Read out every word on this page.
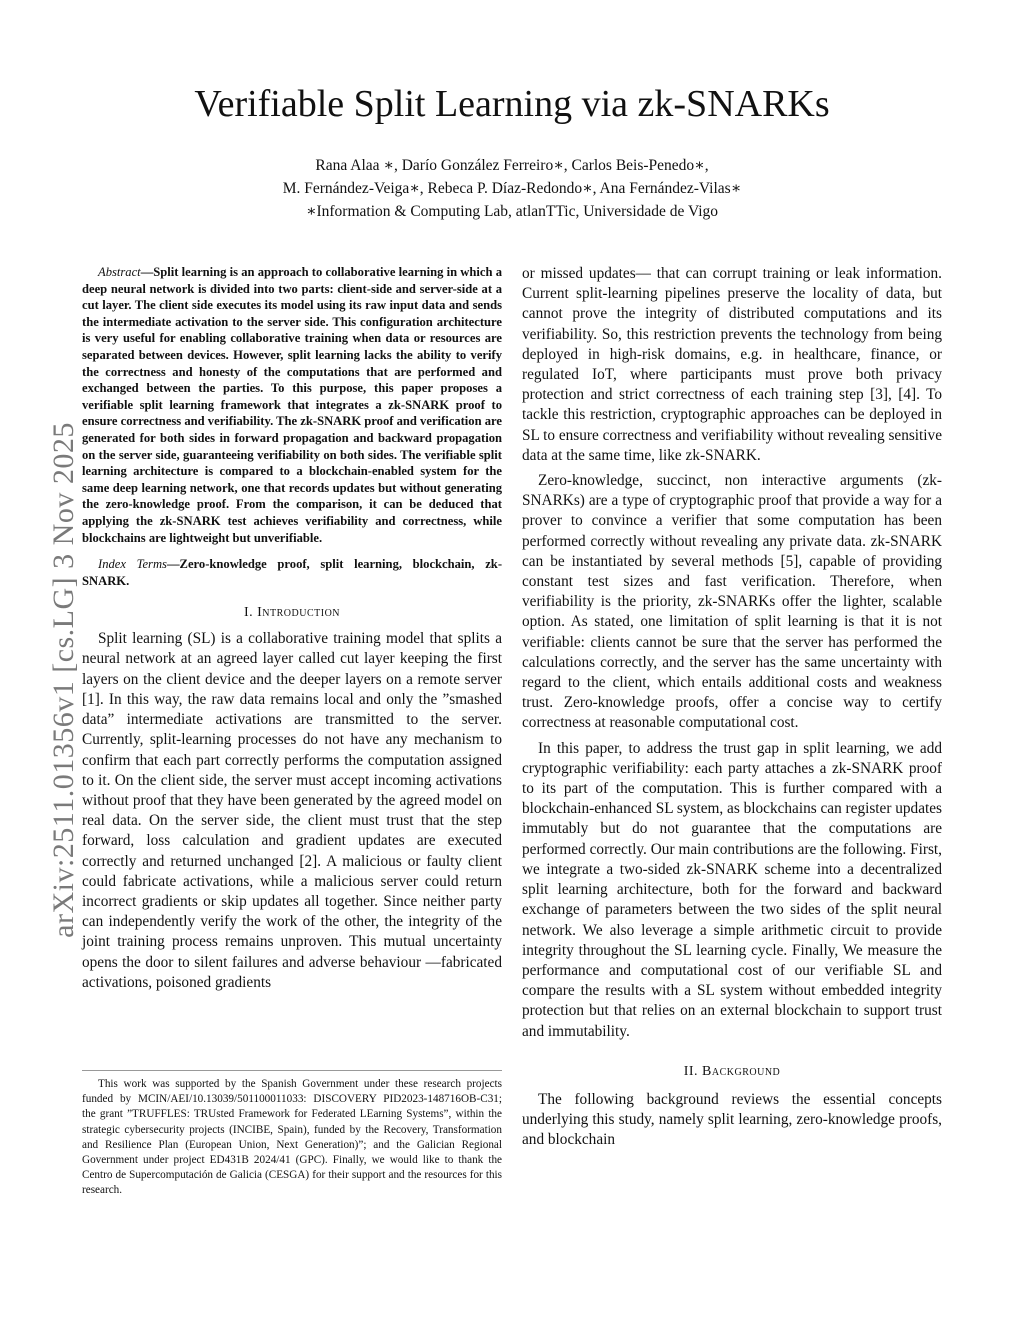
arXiv:2511.01356v1 [cs.LG] 3 Nov 2025
Verifiable Split Learning via zk-SNARKs
Rana Alaa ∗, Darío González Ferreiro∗, Carlos Beis-Penedo∗,
M. Fernández-Veiga∗, Rebeca P. Díaz-Redondo∗, Ana Fernández-Vilas∗
∗Information & Computing Lab, atlanTTic, Universidade de Vigo

Abstract—Split learning is an approach to collaborative learning in which a deep neural network is divided into two parts: client-side and server-side at a cut layer. The client side executes its model using its raw input data and sends the intermediate activation to the server side. This configuration architecture is very useful for enabling collaborative training when data or resources are separated between devices. However, split learning lacks the ability to verify the correctness and honesty of the computations that are performed and exchanged between the parties. To this purpose, this paper proposes a verifiable split learning framework that integrates a zk-SNARK proof to ensure correctness and verifiability. The zk-SNARK proof and verification are generated for both sides in forward propagation and backward propagation on the server side, guaranteeing verifiability on both sides. The verifiable split learning architecture is compared to a blockchain-enabled system for the same deep learning network, one that records updates but without generating the zero-knowledge proof. From the comparison, it can be deduced that applying the zk-SNARK test achieves verifiability and correctness, while blockchains are lightweight but unverifiable.

Index Terms—Zero-knowledge proof, split learning, blockchain, zk-SNARK.

I. Introduction

Split learning (SL) is a collaborative training model that splits a neural network at an agreed layer called cut layer keeping the first layers on the client device and the deeper layers on a remote server [1]. In this way, the raw data remains local and only the ”smashed data” intermediate activations are transmitted to the server. Currently, split-learning processes do not have any mechanism to confirm that each part correctly performs the computation assigned to it. On the client side, the server must accept incoming activations without proof that they have been generated by the agreed model on real data. On the server side, the client must trust that the step forward, loss calculation and gradient updates are executed correctly and returned unchanged [2]. A malicious or faulty client could fabricate activations, while a malicious server could return incorrect gradients or skip updates all together. Since neither party can independently verify the work of the other, the integrity of the joint training process remains unproven. This mutual uncertainty opens the door to silent failures and adverse behaviour —fabricated activations, poisoned gradients

This work was supported by the Spanish Government under these research projects funded by MCIN/AEI/10.13039/501100011033: DISCOVERY PID2023-148716OB-C31; the grant ”TRUFFLES: TRUsted Framework for Federated LEarning Systems”, within the strategic cybersecurity projects (INCIBE, Spain), funded by the Recovery, Transformation and Resilience Plan (European Union, Next Generation)”; and the Galician Regional Government under project ED431B 2024/41 (GPC). Finally, we would like to thank the Centro de Supercomputación de Galicia (CESGA) for their support and the resources for this research.

or missed updates— that can corrupt training or leak information. Current split-learning pipelines preserve the locality of data, but cannot prove the integrity of distributed computations and its verifiability. So, this restriction prevents the technology from being deployed in high-risk domains, e.g. in healthcare, finance, or regulated IoT, where participants must prove both privacy protection and strict correctness of each training step [3], [4]. To tackle this restriction, cryptographic approaches can be deployed in SL to ensure correctness and verifiability without revealing sensitive data at the same time, like zk-SNARK.

Zero-knowledge, succinct, non interactive arguments (zk-SNARKs) are a type of cryptographic proof that provide a way for a prover to convince a verifier that some computation has been performed correctly without revealing any private data. zk-SNARK can be instantiated by several methods [5], capable of providing constant test sizes and fast verification. Therefore, when verifiability is the priority, zk-SNARKs offer the lighter, scalable option. As stated, one limitation of split learning is that it is not verifiable: clients cannot be sure that the server has performed the calculations correctly, and the server has the same uncertainty with regard to the client, which entails additional costs and weakness trust. Zero-knowledge proofs, offer a concise way to certify correctness at reasonable computational cost.

In this paper, to address the trust gap in split learning, we add cryptographic verifiability: each party attaches a zk-SNARK proof to its part of the computation. This is further compared with a blockchain-enhanced SL system, as blockchains can register updates immutably but do not guarantee that the computations are performed correctly. Our main contributions are the following. First, we integrate a two-sided zk-SNARK scheme into a decentralized split learning architecture, both for the forward and backward exchange of parameters between the two sides of the split neural network. We also leverage a simple arithmetic circuit to provide integrity throughout the SL learning cycle. Finally, We measure the performance and computational cost of our verifiable SL and compare the results with a SL system without embedded integrity protection but that relies on an external blockchain to support trust and immutability.

II. Background

The following background reviews the essential concepts underlying this study, namely split learning, zero-knowledge proofs, and blockchain
